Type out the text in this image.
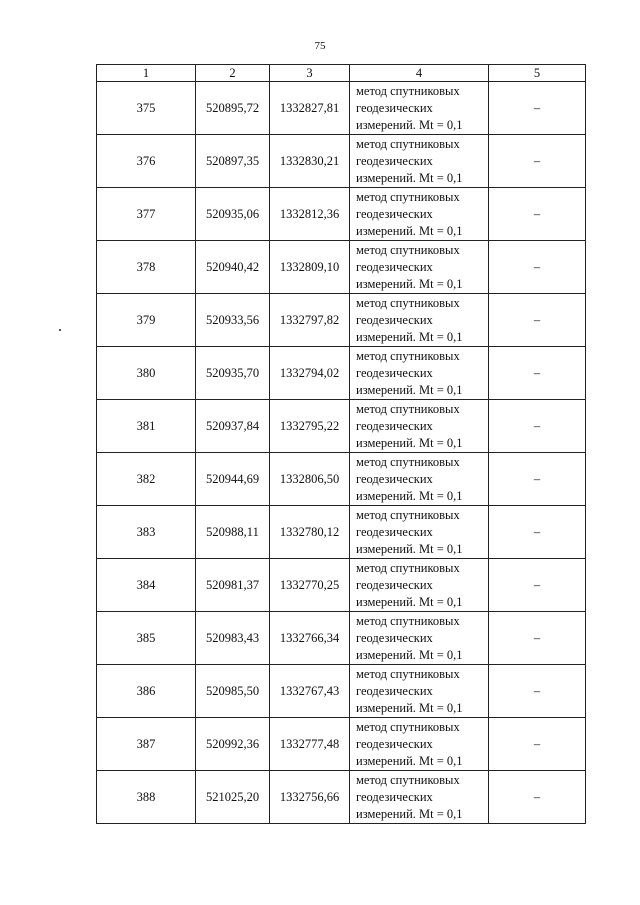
75
1	2	3	4	5
375	520895,72	1332827,81	метод спутниковых
геодезических
измерений. Mt = 0,1	–
376	520897,35	1332830,21	метод спутниковых
геодезических
измерений. Mt = 0,1	–
377	520935,06	1332812,36	метод спутниковых
геодезических
измерений. Mt = 0,1	–
378	520940,42	1332809,10	метод спутниковых
геодезических
измерений. Mt = 0,1	–
379	520933,56	1332797,82	метод спутниковых
геодезических
измерений. Mt = 0,1	–
380	520935,70	1332794,02	метод спутниковых
геодезических
измерений. Mt = 0,1	–
381	520937,84	1332795,22	метод спутниковых
геодезических
измерений. Mt = 0,1	–
382	520944,69	1332806,50	метод спутниковых
геодезических
измерений. Mt = 0,1	–
383	520988,11	1332780,12	метод спутниковых
геодезических
измерений. Mt = 0,1	–
384	520981,37	1332770,25	метод спутниковых
геодезических
измерений. Mt = 0,1	–
385	520983,43	1332766,34	метод спутниковых
геодезических
измерений. Mt = 0,1	–
386	520985,50	1332767,43	метод спутниковых
геодезических
измерений. Mt = 0,1	–
387	520992,36	1332777,48	метод спутниковых
геодезических
измерений. Mt = 0,1	–
388	521025,20	1332756,66	метод спутниковых
геодезических
измерений. Mt = 0,1	–
